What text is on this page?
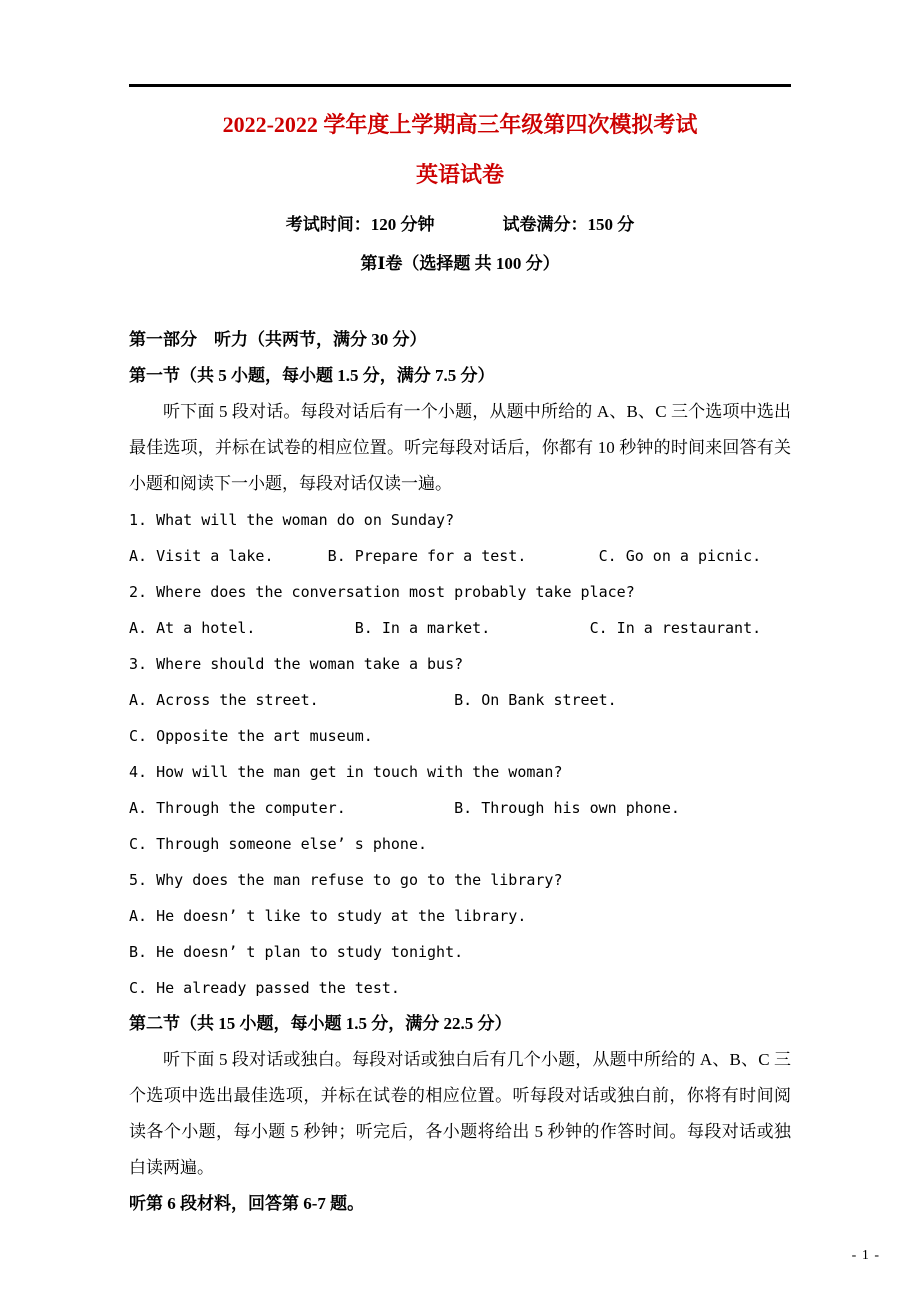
2022-2022 学年度上学期高三年级第四次模拟考试
英语试卷

考试时间：120 分钟　　　　试卷满分：150 分

第Ⅰ卷（选择题 共 100 分）

第一部分　听力（共两节，满分 30 分）

第一节（共 5 小题，每小题 1.5 分，满分 7.5 分）

听下面 5 段对话。每段对话后有一个小题，从题中所给的 A、B、C 三个选项中选出最佳选项，并标在试卷的相应位置。听完每段对话后，你都有 10 秒钟的时间来回答有关小题和阅读下一小题，每段对话仅读一遍。

1. What will the woman do on Sunday?

A. Visit a lake.      B. Prepare for a test.        C. Go on a picnic.

2. Where does the conversation most probably take place?

A. At a hotel.           B. In a market.           C. In a restaurant.

3. Where should the woman take a bus?

A. Across the street.               B. On Bank street.

C. Opposite the art museum.

4. How will the man get in touch with the woman?

A. Through the computer.            B. Through his own phone.

C. Through someone else’ s phone.

5. Why does the man refuse to go to the library?

A. He doesn’ t like to study at the library.

B. He doesn’ t plan to study tonight.

C. He already passed the test.

第二节（共 15 小题，每小题 1.5 分，满分 22.5 分）

听下面 5 段对话或独白。每段对话或独白后有几个小题，从题中所给的 A、B、C 三个选项中选出最佳选项，并标在试卷的相应位置。听每段对话或独白前，你将有时间阅读各个小题，每小题 5 秒钟；听完后，各小题将给出 5 秒钟的作答时间。每段对话或独白读两遍。

听第 6 段材料，回答第 6-7 题。

- 1 -
